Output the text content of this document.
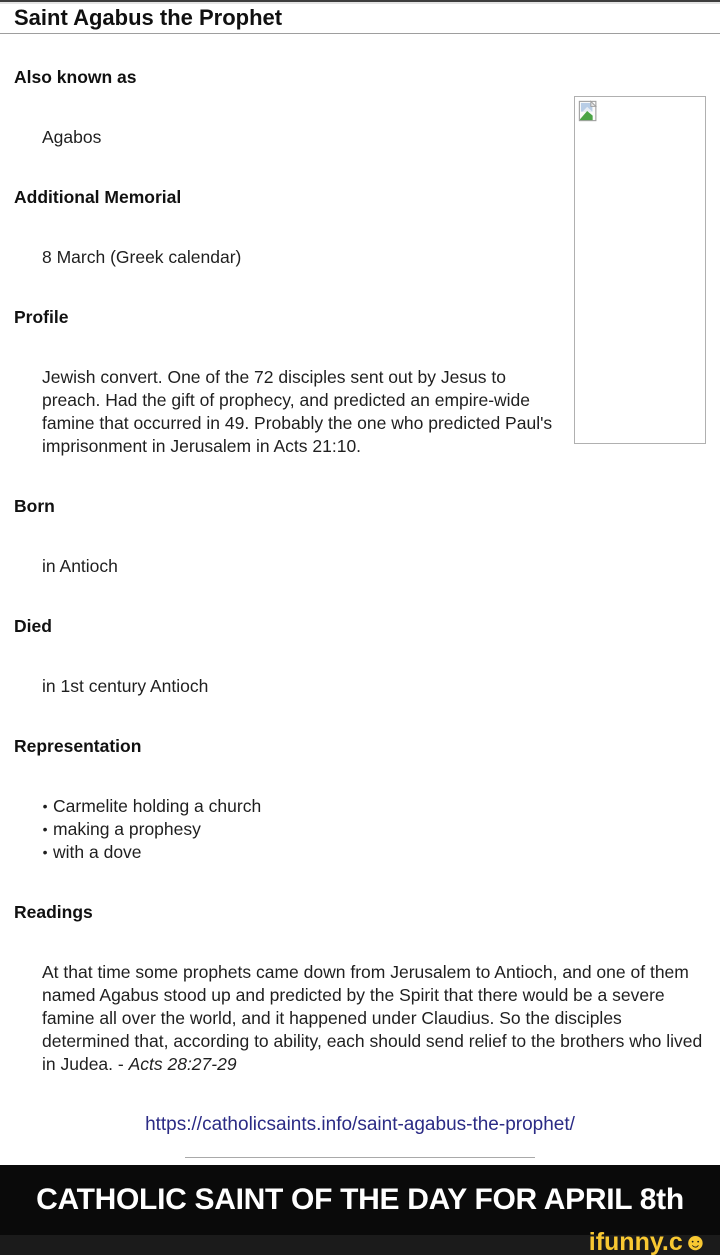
Saint Agabus the Prophet
Also known as

Agabos

Additional Memorial

8 March (Greek calendar)

Profile

Jewish convert. One of the 72 disciples sent out by Jesus to preach. Had the gift of prophecy, and predicted an empire-wide famine that occurred in 49. Probably the one who predicted Paul's imprisonment in Jerusalem in Acts 21:10.

Born

in Antioch

Died

in 1st century Antioch

Representation

• Carmelite holding a church

• making a prophesy

• with a dove

Readings

At that time some prophets came down from Jerusalem to Antioch, and one of them named Agabus stood up and predicted by the Spirit that there would be a severe famine all over the world, and it happened under Claudius. So the disciples determined that, according to ability, each should send relief to the brothers who lived in Judea. - Acts 28:27-29

https://catholicsaints.info/saint-agabus-the-prophet/
CATHOLIC SAINT OF THE DAY FOR APRIL 8th
ifunny.c☻
